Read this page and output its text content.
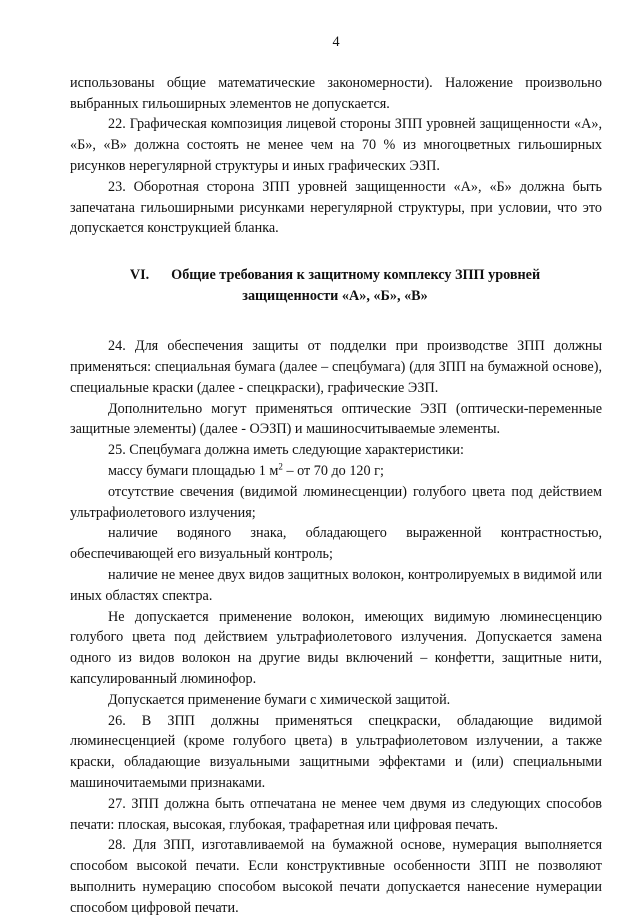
4

использованы общие математические закономерности). Наложение произвольно выбранных гильоширных элементов не допускается.

22. Графическая композиция лицевой стороны ЗПП уровней защищенности «А», «Б», «В» должна состоять не менее чем на 70 % из многоцветных гильоширных рисунков нерегулярной структуры и иных графических ЭЗП.

23. Оборотная сторона ЗПП уровней защищенности «А», «Б» должна быть запечатана гильоширными рисунками нерегулярной структуры, при условии, что это допускается конструкцией бланка.

VI. Общие требования к защитному комплексу ЗПП уровней защищенности «А», «Б», «В»

24. Для обеспечения защиты от подделки при производстве ЗПП должны применяться: специальная бумага (далее – спецбумага) (для ЗПП на бумажной основе), специальные краски (далее - спецкраски), графические ЭЗП.

Дополнительно могут применяться оптические ЭЗП (оптически-переменные защитные элементы) (далее - ОЭЗП) и машиносчитываемые элементы.

25. Спецбумага должна иметь следующие характеристики:

массу бумаги площадью 1 $м^2$ – от 70 до 120 г;

отсутствие свечения (видимой люминесценции) голубого цвета под действием ультрафиолетового излучения;

наличие водяного знака, обладающего выраженной контрастностью, обеспечивающей его визуальный контроль;

наличие не менее двух видов защитных волокон, контролируемых в видимой или иных областях спектра.

Не допускается применение волокон, имеющих видимую люминесценцию голубого цвета под действием ультрафиолетового излучения. Допускается замена одного из видов волокон на другие виды включений – конфетти, защитные нити, капсулированный люминофор.

Допускается применение бумаги с химической защитой.

26. В ЗПП должны применяться спецкраски, обладающие видимой люминесценцией (кроме голубого цвета) в ультрафиолетовом излучении, а также краски, обладающие визуальными защитными эффектами и (или) специальными машиночитаемыми признаками.

27. ЗПП должна быть отпечатана не менее чем двумя из следующих способов печати: плоская, высокая, глубокая, трафаретная или цифровая печать.

28. Для ЗПП, изготавливаемой на бумажной основе, нумерация выполняется способом высокой печати. Если конструктивные особенности ЗПП не позволяют выполнить нумерацию способом высокой печати допускается нанесение нумерации способом цифровой печати.
